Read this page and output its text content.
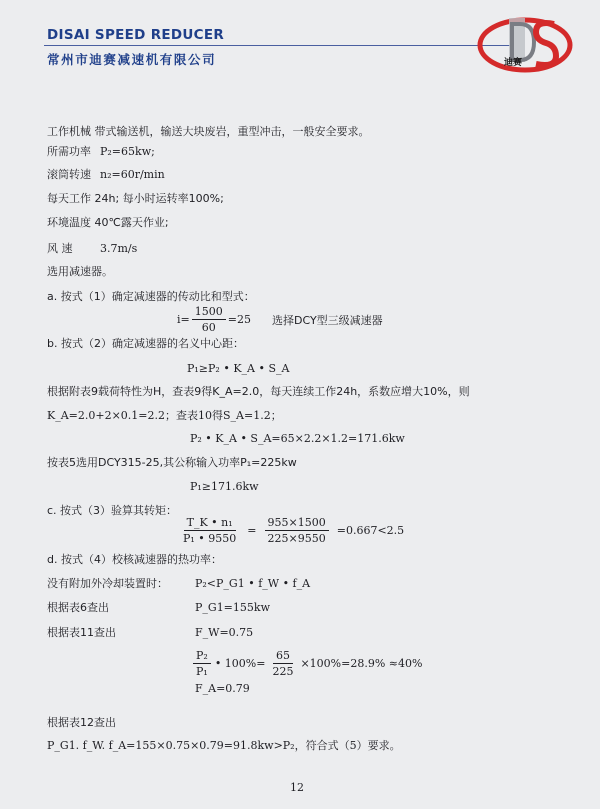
DISAI SPEED REDUCER
常州市迪赛减速机有限公司	迪赛
工作机械 带式输送机，输送大块废岩，重型冲击，一般安全要求。
所需功率 P₂=65kw;
滚筒转速 n₂=60r/min
每天工作 24h; 每小时运转率100%;
环境温度 40℃露天作业;
风 速	3.7m/s
选用减速器。
a. 按式（1）确定减速器的传动比和型式：
$i= \frac{1500}{60} =25$ 选择DCY型三级减速器
b. 按式（2）确定减速器的名义中心距：
P₁≥P₂ • K_A • S_A
根据附表9载荷特性为H，查表9得K_A=2.0，每天连续工作24h，系数应增大10%，则
K_A=2.0+2×0.1=2.2；查表10得S_A=1.2；
P₂ • K_A • S_A=65×2.2×1.2=171.6kw
按表5选用DCY315-25,其公称输入功率P₁=225kw
P₁≥171.6kw
c. 按式（3）验算其转矩：
$\frac{\text{T\_K • n₁}}{\text{P₁ • 9550}} = \frac{955\times 1500}{225\times 9550} =0.667<2.5$
d. 按式（4）校核减速器的热功率：
没有附加外冷却装置时： P₂<P_G1 • f_W • f_A
根据表6查出	P_G1=155kw
根据表11查出	F_W=0.75
$\frac{\text{P₂}}{\text{P₁}}$ • $100\%= \frac{65}{225} \times 100\%=28.9\% \approx 40\%$
F_A=0.79
根据表12查出
P_G1. f_W. f_A=155×0.75×0.79=91.8kw>P₂，符合式（5）要求。
12
